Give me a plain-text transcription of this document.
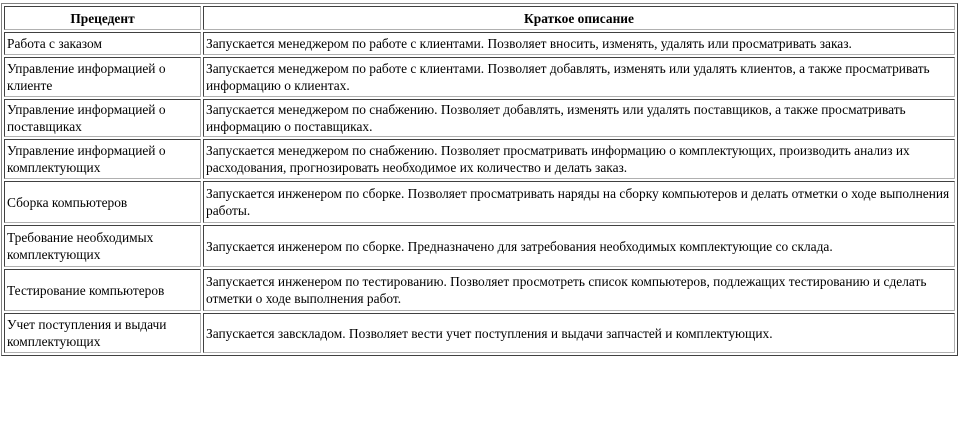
Прецедент	Краткое описание
Работа с заказом	Запускается менеджером по работе с клиентами. Позволяет вносить, изменять, удалять или просматривать заказ.
Управление информацией о клиенте	Запускается менеджером по работе с клиентами. Позволяет добавлять, изменять или удалять клиентов, а также просматривать информацию о клиентах.
Управление информацией о поставщиках	Запускается менеджером по снабжению. Позволяет добавлять, изменять или удалять поставщиков, а также просматривать информацию о поставщиках.
Управление информацией о комплектующих	Запускается менеджером по снабжению. Позволяет просматривать информацию о комплектующих, производить анализ их расходования, прогнозировать необходимое их количество и делать заказ.
Сборка компьютеров	Запускается инженером по сборке. Позволяет просматривать наряды на сборку компьютеров и делать отметки о ходе выполнения работы.
Требование необходимых комплектующих	Запускается инженером по сборке. Предназначено для затребования необходимых комплектующие со склада.
Тестирование компьютеров	Запускается инженером по тестированию. Позволяет просмотреть список компьютеров, подлежащих тестированию и сделать отметки о ходе выполнения работ.
Учет поступления и выдачи комплектующих	Запускается завскладом. Позволяет вести учет поступления и выдачи запчастей и комплектующих.
